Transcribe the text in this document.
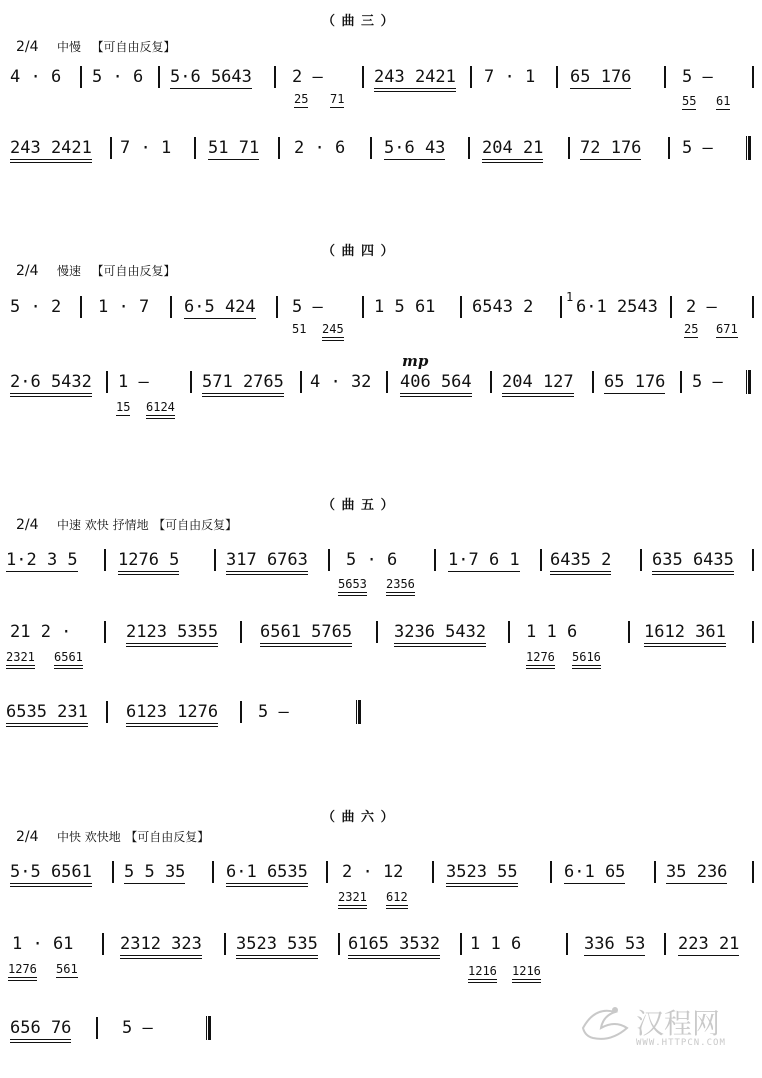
（ 曲 三 ）
2/4 中慢 【可自由反复】
4 · 6 5 · 6 5·6 5643 2 –
25 71
243 2421 7 · 1 65 176	5 –
55 61
243 2421 7 · 1 51 71 2 · 6 5·6 43 204 21 72 176 5 –
（ 曲 四 ）
2/4 慢速 【可自由反复】
5 · 2 1 · 7 6·5 424 5 –
51 245
1 5 61 6543 2	1 6·1 2543 2 –
25 671
mp
2·6 5432 1 –
15 6124
571 2765 4 · 32 406 564 204 127 65 176 5 –
（ 曲 五 ）
2/4 中速 欢快 抒情地 【可自由反复】
1·2 3 5 1276 5	317 6763 5 · 6
5653 2356
1·7 6 1 6435 2 635 6435
21 2 ·
2321 6561
2123 5355 6561 5765 3236 5432 1 1 6
1276 5616
1612 361
6535 231 6123 1276 5 –
（ 曲 六 ）
2/4 中快 欢快地 【可自由反复】
5·5 6561 5 5 35 6·1 6535 2 · 12
2321 612
3523 55	6·1 65 35 236
1 · 61
1276 561
2312 323 3523 535 6165 3532 1 1 6
1216 1216
336 53 223 21
656 76	5 –	汉程网
WWW.HTTPCN.COM
